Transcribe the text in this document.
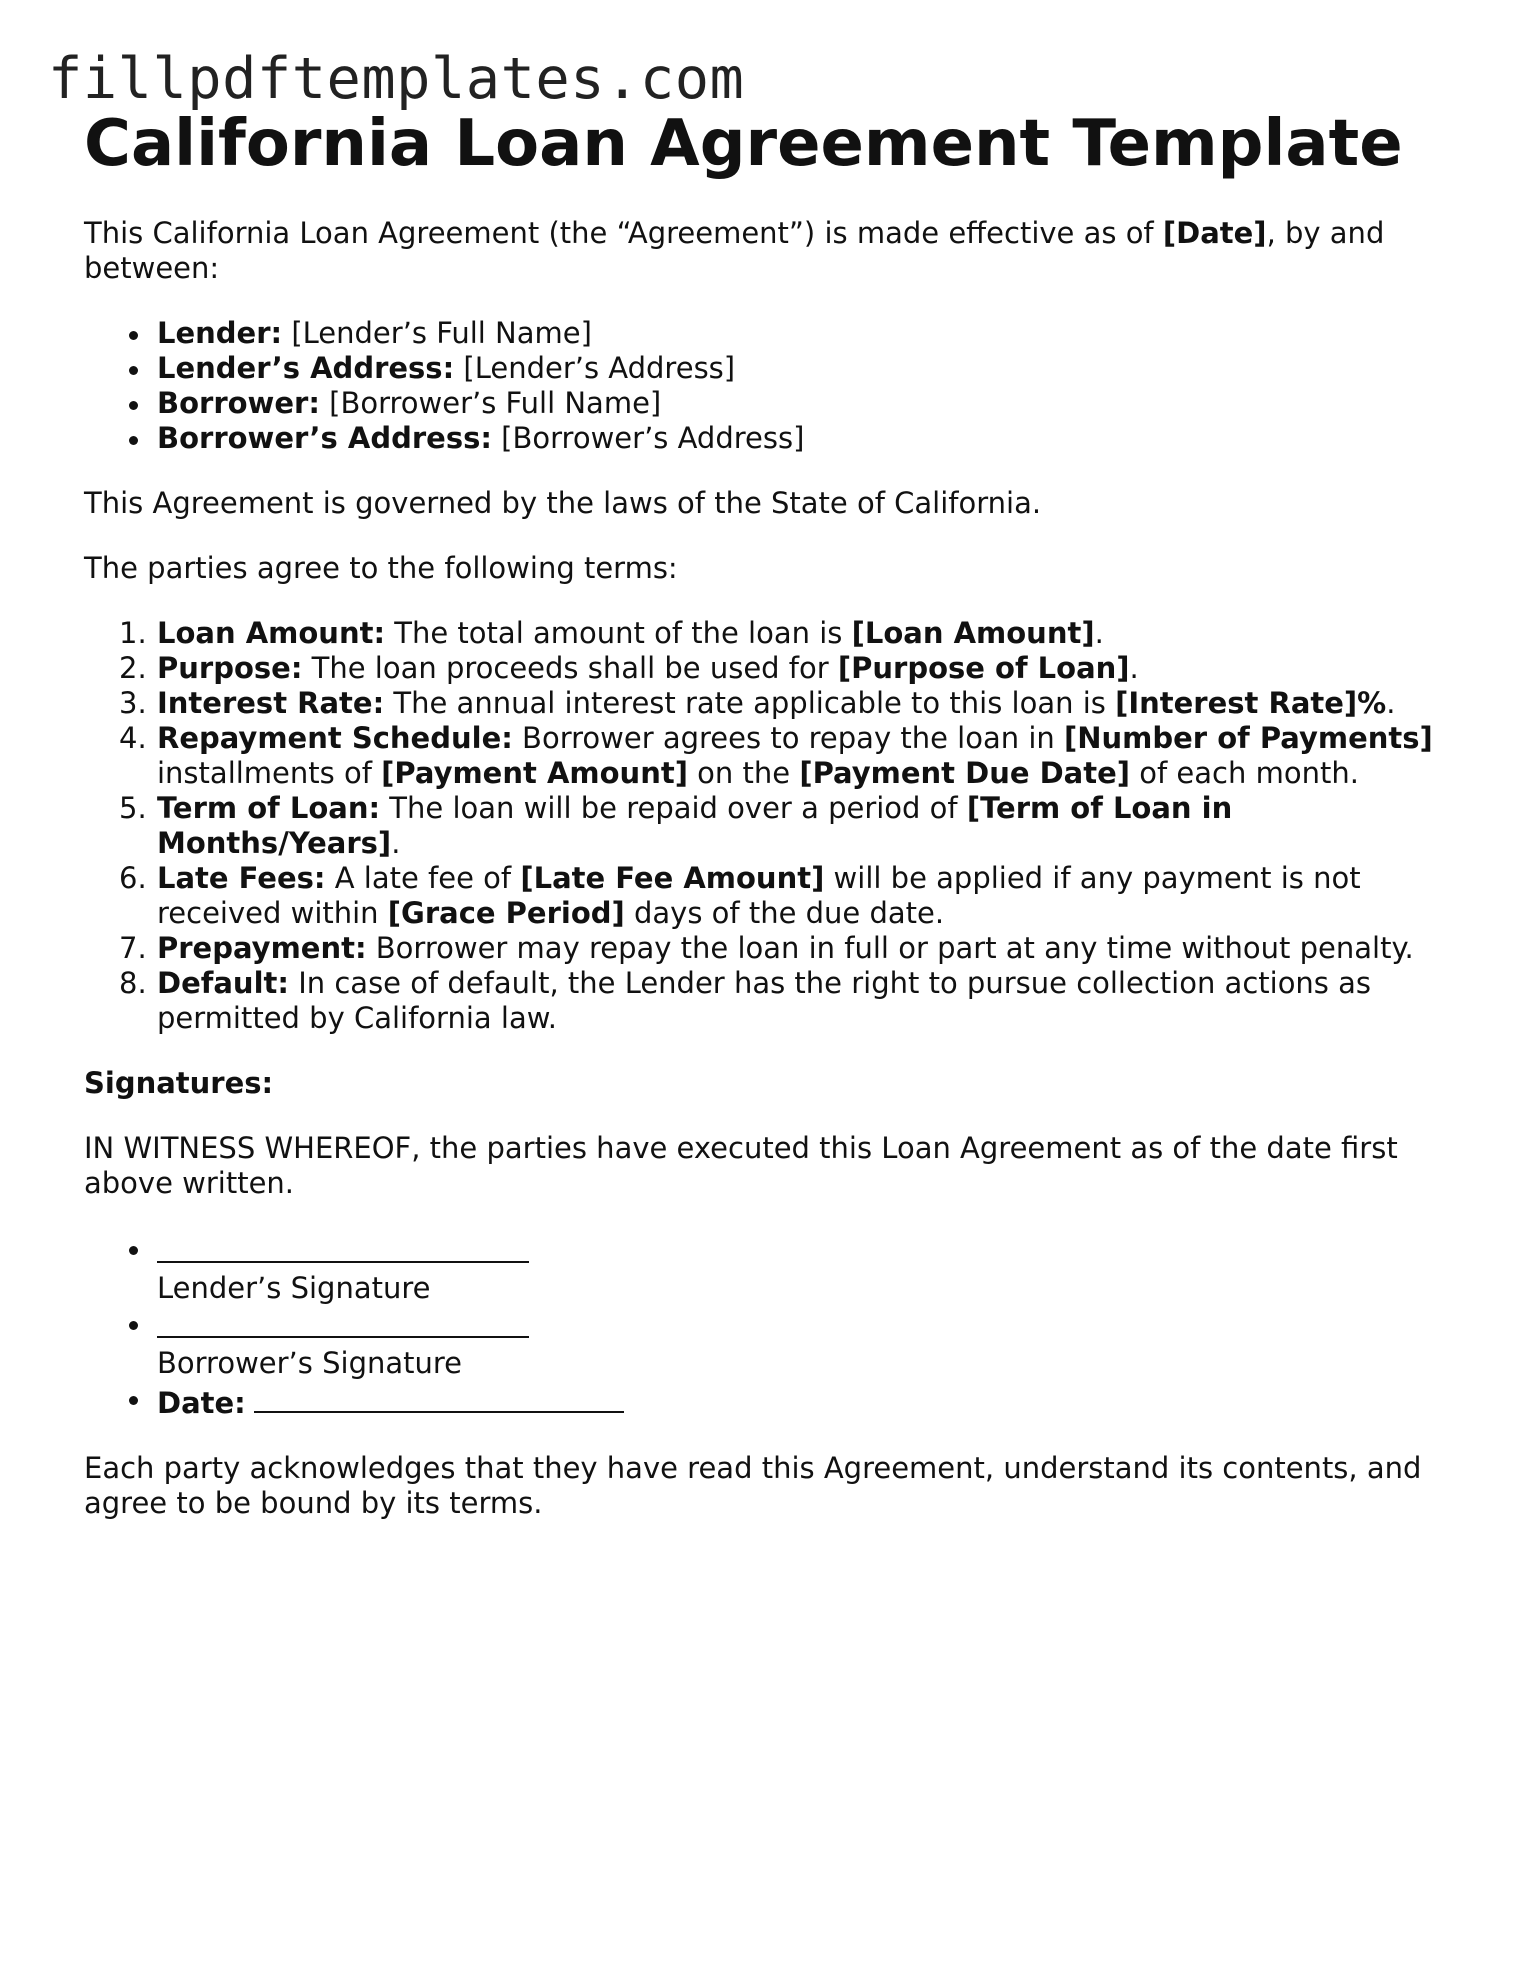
fillpdftemplates.com
California Loan Agreement Template

This California Loan Agreement (the “Agreement”) is made effective as of [Date], by and between:

Lender: [Lender’s Full Name]
Lender’s Address: [Lender’s Address]
Borrower: [Borrower’s Full Name]
Borrower’s Address: [Borrower’s Address]

This Agreement is governed by the laws of the State of California.

The parties agree to the following terms:

1. Loan Amount: The total amount of the loan is [Loan Amount].
2. Purpose: The loan proceeds shall be used for [Purpose of Loan].
3. Interest Rate: The annual interest rate applicable to this loan is [Interest Rate]%.
4. Repayment Schedule: Borrower agrees to repay the loan in [Number of Payments] installments of [Payment Amount] on the [Payment Due Date] of each month.
5. Term of Loan: The loan will be repaid over a period of [Term of Loan in Months/Years].
6. Late Fees: A late fee of [Late Fee Amount] will be applied if any payment is not received within [Grace Period] days of the due date.
7. Prepayment: Borrower may repay the loan in full or part at any time without penalty.
8. Default: In case of default, the Lender has the right to pursue collection actions as permitted by California law.

Signatures:

IN WITNESS WHEREOF, the parties have executed this Loan Agreement as of the date first above written.

Lender’s Signature

Borrower’s Signature
Date:

Each party acknowledges that they have read this Agreement, understand its contents, and agree to be bound by its terms.
